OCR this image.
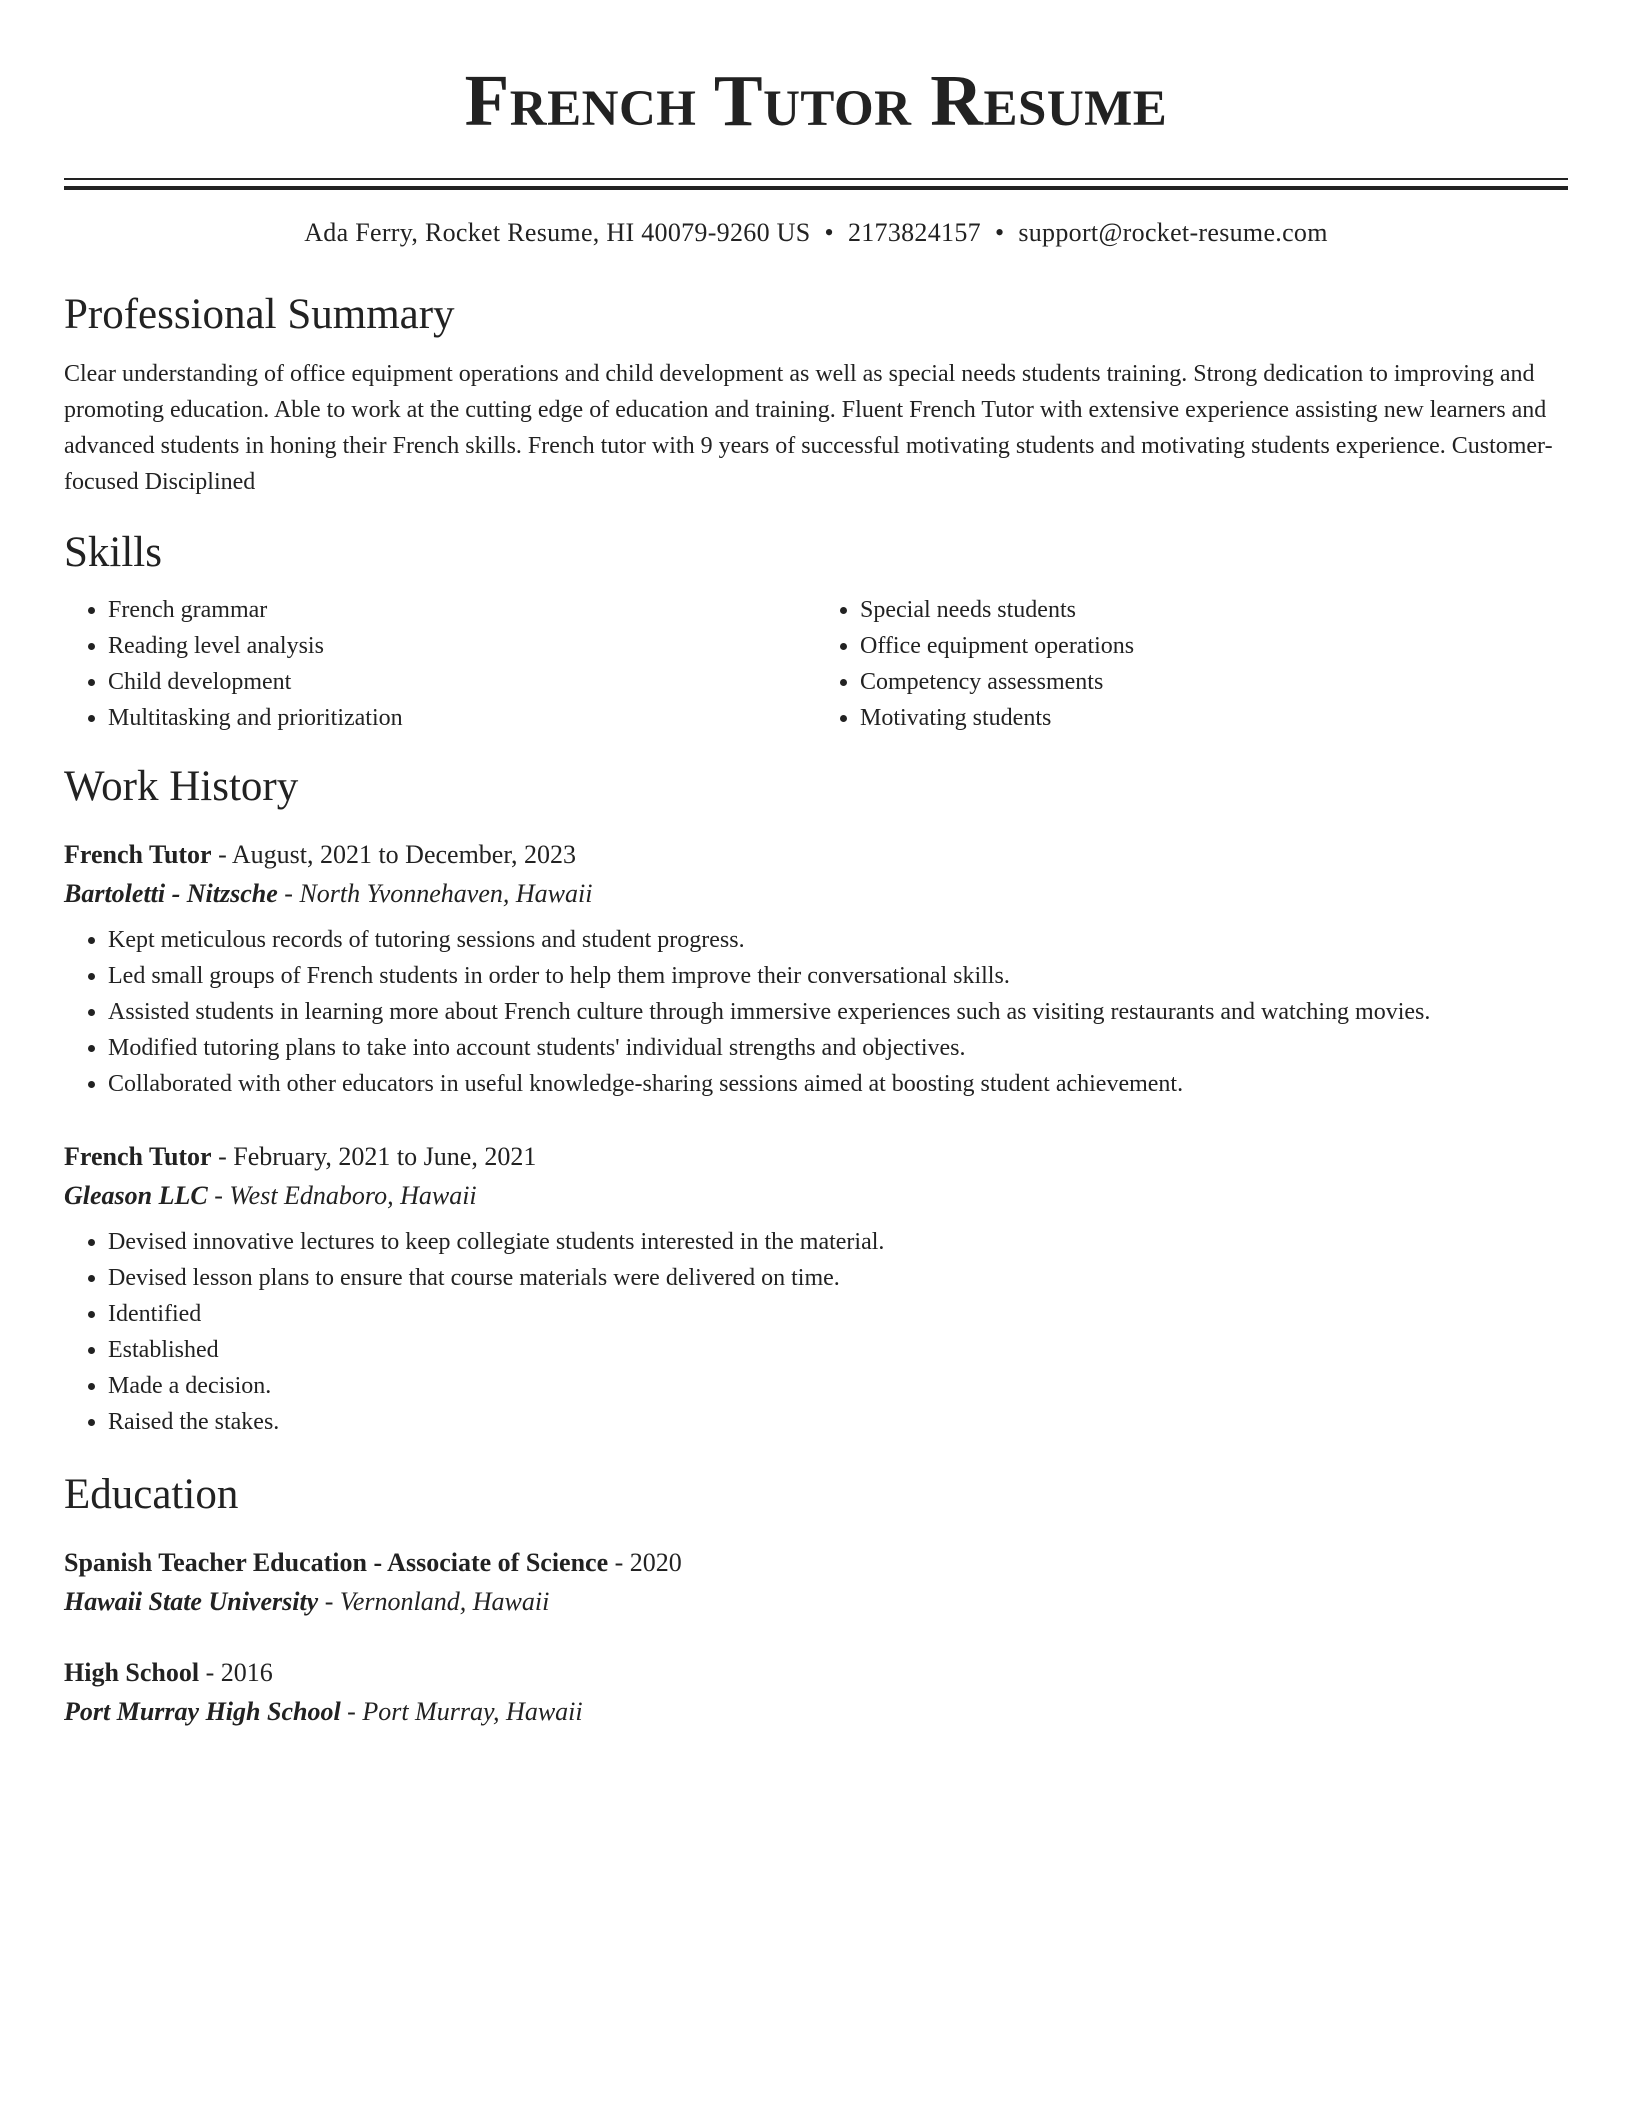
French Tutor Resume
Ada Ferry, Rocket Resume, HI 40079-9260 US • 2173824157 • support@rocket-resume.com
Professional Summary

Clear understanding of office equipment operations and child development as well as special needs students training. Strong dedication to improving and promoting education. Able to work at the cutting edge of education and training. Fluent French Tutor with extensive experience assisting new learners and advanced students in honing their French skills. French tutor with 9 years of successful motivating students and motivating students experience. Customer-focused Disciplined

Skills
• French grammar
• Reading level analysis
• Child development
• Multitasking and prioritization
• Special needs students
• Office equipment operations
• Competency assessments
• Motivating students
Work History
French Tutor - August, 2021 to December, 2023
Bartoletti - Nitzsche - North Yvonnehaven, Hawaii
• Kept meticulous records of tutoring sessions and student progress.
• Led small groups of French students in order to help them improve their conversational skills.
• Assisted students in learning more about French culture through immersive experiences such as visiting restaurants and watching movies.
• Modified tutoring plans to take into account students' individual strengths and objectives.
• Collaborated with other educators in useful knowledge-sharing sessions aimed at boosting student achievement.
French Tutor - February, 2021 to June, 2021
Gleason LLC - West Ednaboro, Hawaii
• Devised innovative lectures to keep collegiate students interested in the material.
• Devised lesson plans to ensure that course materials were delivered on time.
• Identified
• Established
• Made a decision.
• Raised the stakes.
Education
Spanish Teacher Education - Associate of Science - 2020
Hawaii State University - Vernonland, Hawaii
High School - 2016
Port Murray High School - Port Murray, Hawaii
